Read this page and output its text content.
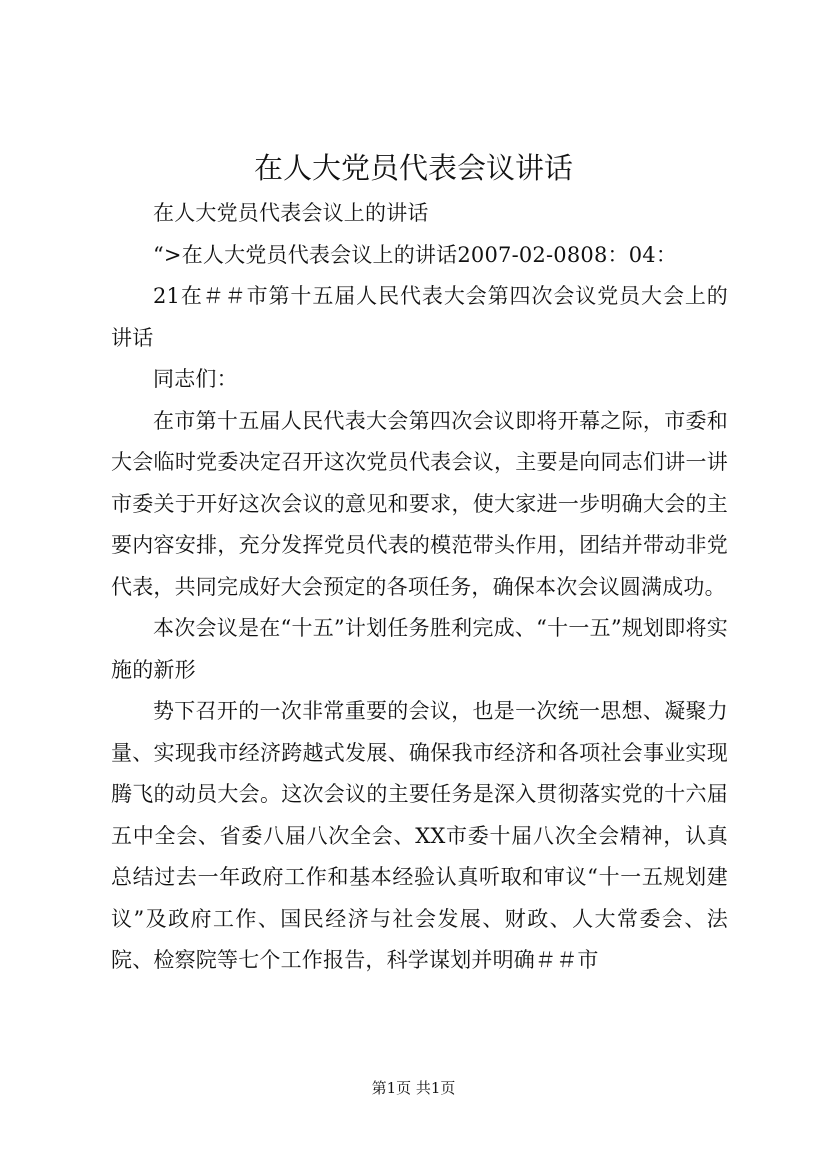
在人大党员代表会议讲话

在人大党员代表会议上的讲话

“>在人大党员代表会议上的讲话2007-02-0808：04：

21在＃＃市第十五届人民代表大会第四次会议党员大会上的讲话

同志们：

在市第十五届人民代表大会第四次会议即将开幕之际，市委和大会临时党委决定召开这次党员代表会议，主要是向同志们讲一讲市委关于开好这次会议的意见和要求，使大家进一步明确大会的主要内容安排，充分发挥党员代表的模范带头作用，团结并带动非党代表，共同完成好大会预定的各项任务，确保本次会议圆满成功。

本次会议是在“十五”计划任务胜利完成、“十一五”规划即将实施的新形

势下召开的一次非常重要的会议，也是一次统一思想、凝聚力量、实现我市经济跨越式发展、确保我市经济和各项社会事业实现腾飞的动员大会。这次会议的主要任务是深入贯彻落实党的十六届五中全会、省委八届八次全会、XX市委十届八次全会精神，认真总结过去一年政府工作和基本经验认真听取和审议“十一五规划建议”及政府工作、国民经济与社会发展、财政、人大常委会、法院、检察院等七个工作报告，科学谋划并明确＃＃市

第1页 共1页
